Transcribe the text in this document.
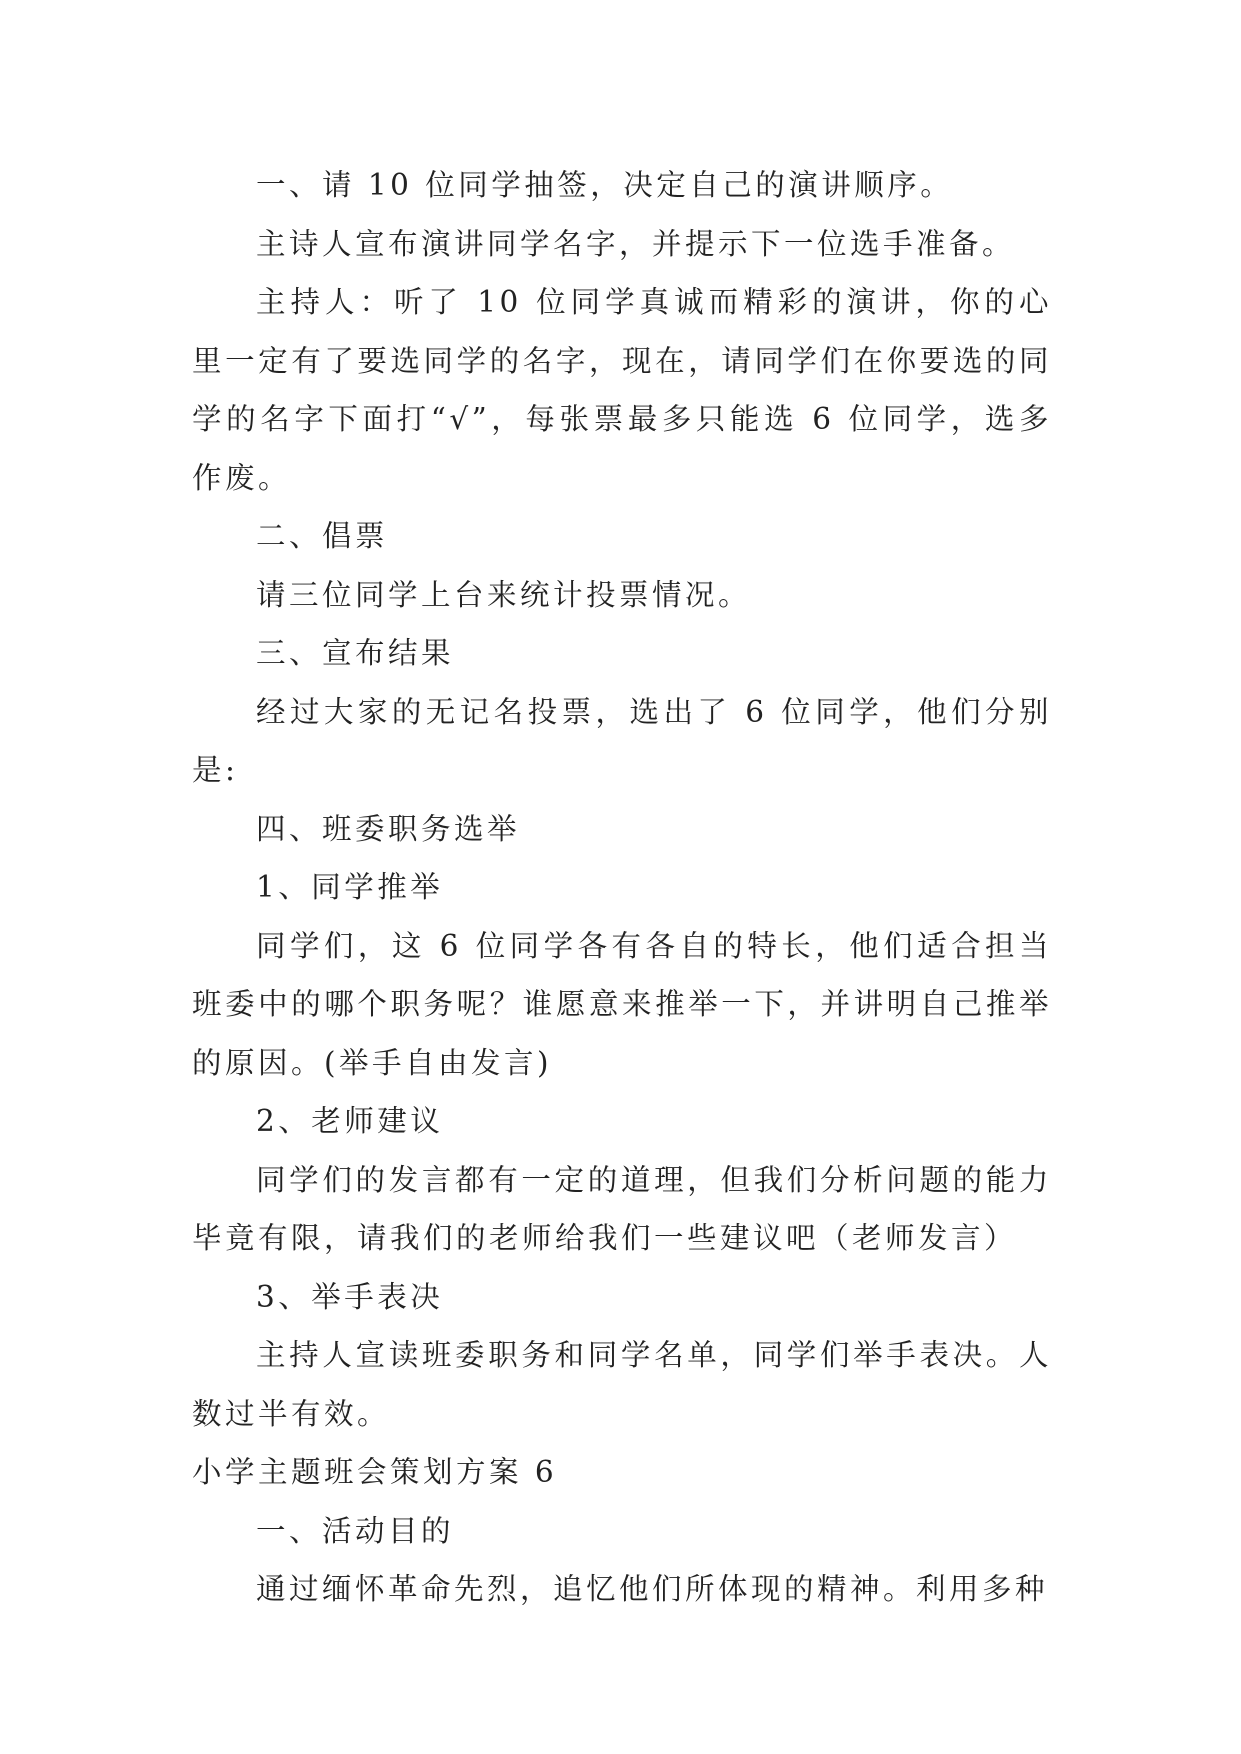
一、请 10 位同学抽签，决定自己的演讲顺序。

主诗人宣布演讲同学名字，并提示下一位选手准备。

主持人：听了 10 位同学真诚而精彩的演讲，你的心里一定有了要选同学的名字，现在，请同学们在你要选的同学的名字下面打“√”，每张票最多只能选 6 位同学，选多作废。

二、倡票

请三位同学上台来统计投票情况。

三、宣布结果

经过大家的无记名投票，选出了 6 位同学，他们分别是:

四、班委职务选举

1、同学推举

同学们，这 6 位同学各有各自的特长，他们适合担当班委中的哪个职务呢？谁愿意来推举一下，并讲明自己推举的原因。(举手自由发言)

2、老师建议

同学们的发言都有一定的道理，但我们分析问题的能力毕竟有限，请我们的老师给我们一些建议吧（老师发言）

3、举手表决

主持人宣读班委职务和同学名单，同学们举手表决。人数过半有效。

小学主题班会策划方案 6

一、活动目的

通过缅怀革命先烈，追忆他们所体现的精神。利用多种
